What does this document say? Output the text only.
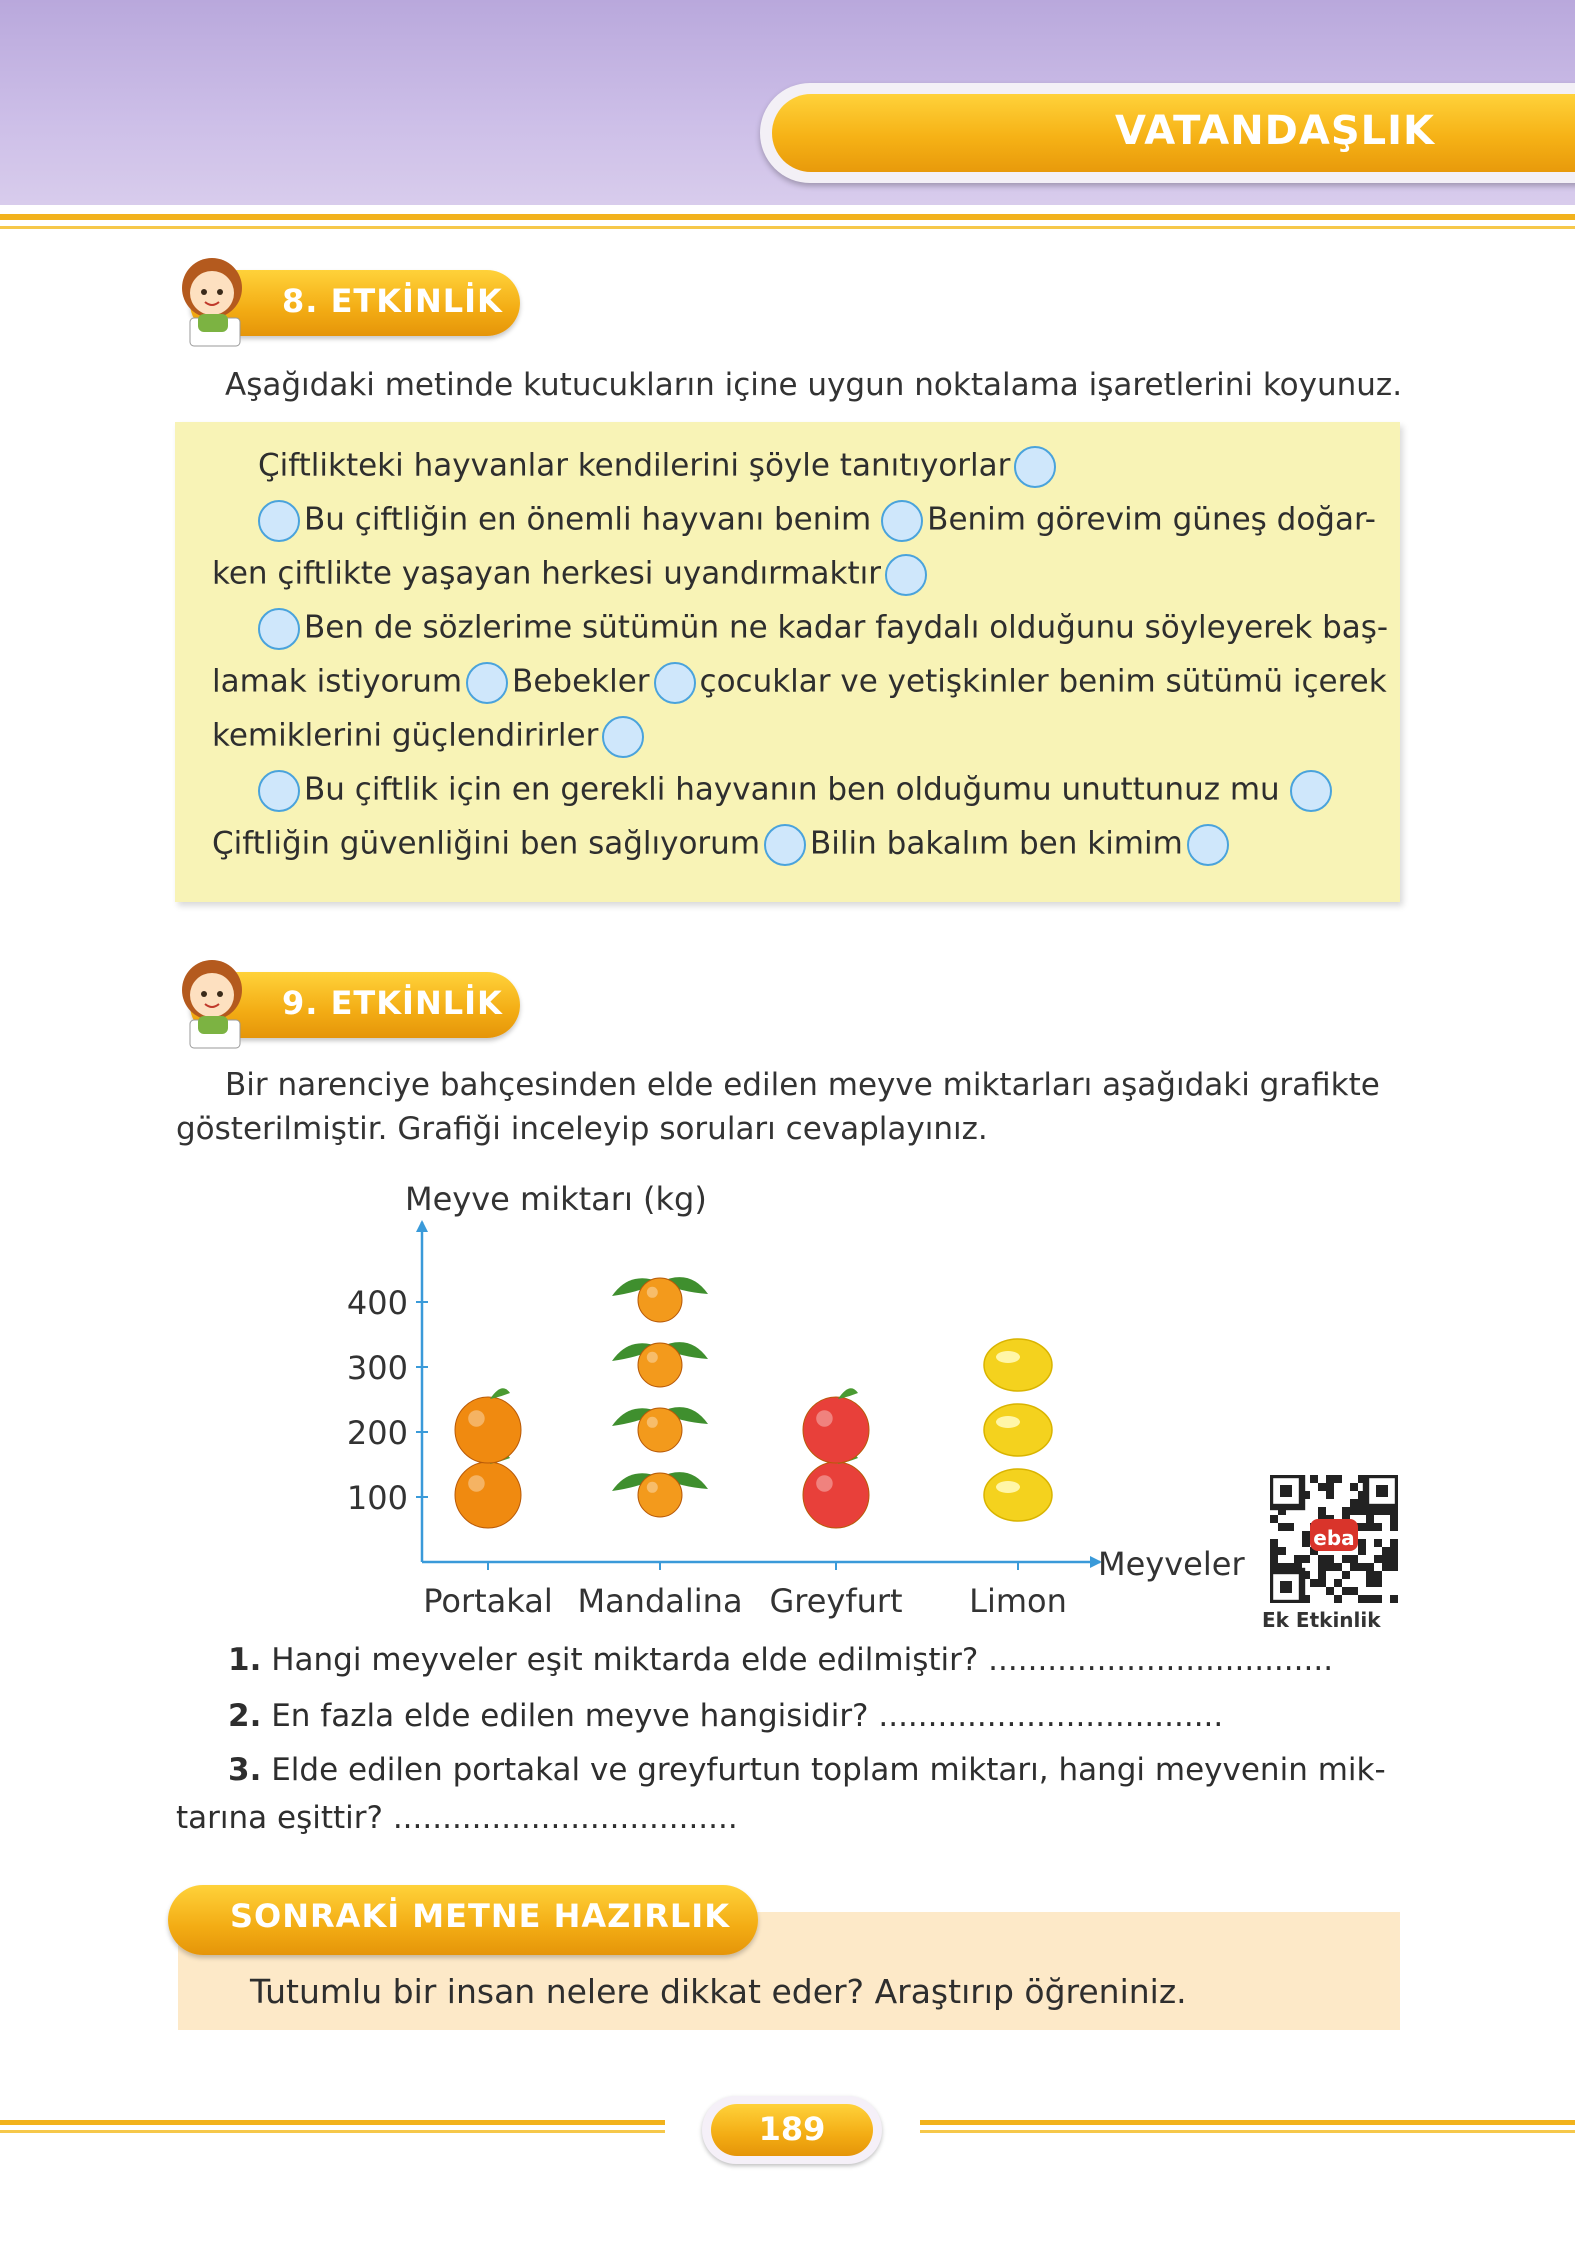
VATANDAŞLIK
8. ETKİNLİK
Aşağıdaki metinde kutucukların içine uygun noktalama işaretlerini koyunuz.
Çiftlikteki hayvanlar kendilerini şöyle tanıtıyorlar
Bu çiftliğin en önemli hayvanı benim Benim görevim güneş doğar-
ken çiftlikte yaşayan herkesi uyandırmaktır
Ben de sözlerime sütümün ne kadar faydalı olduğunu söyleyerek baş-
lamak istiyorum Bebekler çocuklar ve yetişkinler benim sütümü içerek
kemiklerini güçlendirirler
Bu çiftlik için en gerekli hayvanın ben olduğumu unuttunuz mu
Çiftliğin güvenliğini ben sağlıyorum Bilin bakalım ben kimim
9. ETKİNLİK
Bir narenciye bahçesinden elde edilen meyve miktarları aşağıdaki grafikte
gösterilmiştir. Grafiği inceleyip soruları cevaplayınız.
Meyve miktarı (kg)
Meyveler
100
200
300
400
Portakal Mandalina Greyfurt Limon
eba
Ek Etkinlik
1. Hangi meyveler eşit miktarda elde edilmiştir? ...................................
2. En fazla elde edilen meyve hangisidir? ...................................
3. Elde edilen portakal ve greyfurtun toplam miktarı, hangi meyvenin mik-
tarına eşittir? ...................................
SONRAKİ METNE HAZIRLIK
Tutumlu bir insan nelere dikkat eder? Araştırıp öğreniniz.
189
